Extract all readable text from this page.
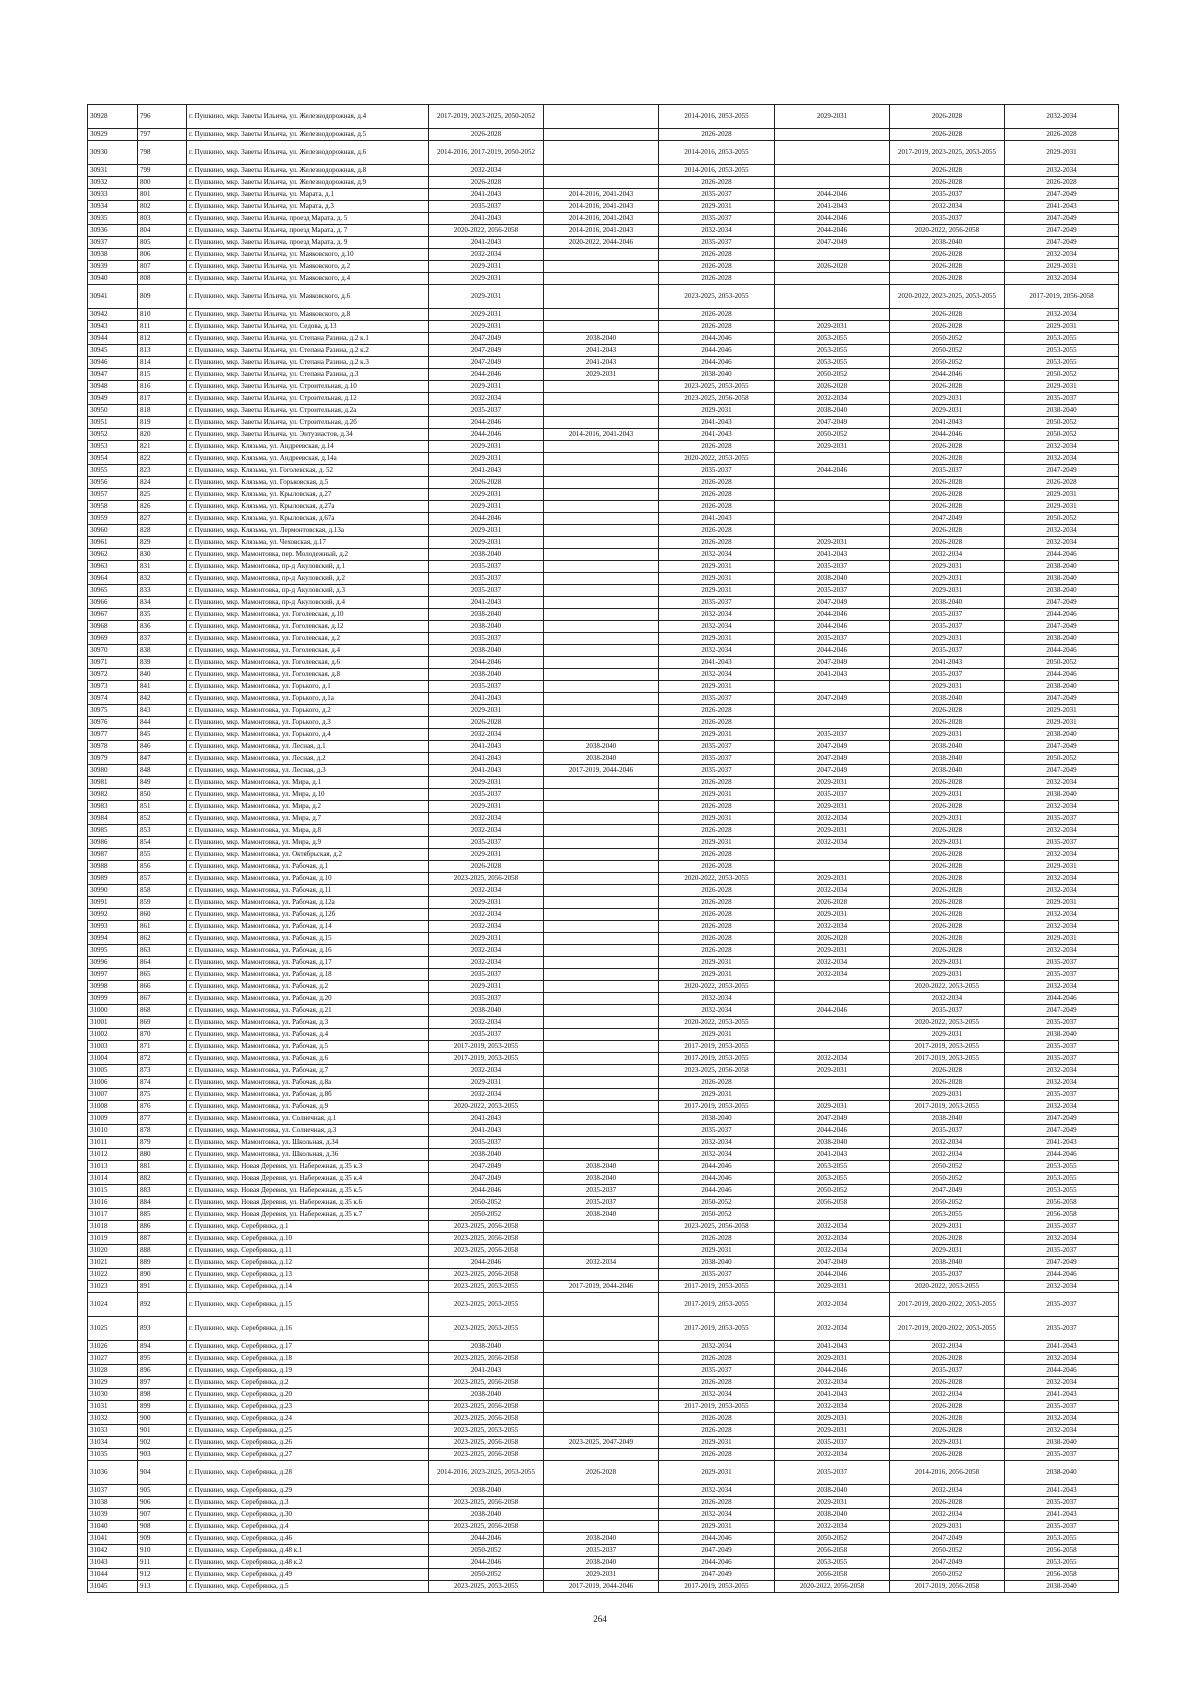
30928	796	г. Пушкино, мкр. Заветы Ильича, ул. Железнодорожная, д.4	2017-2019, 2023-2025, 2050-2052		2014-2016, 2053-2055	2029-2031	2026-2028	2032-2034
30929	797	г. Пушкино, мкр. Заветы Ильича, ул. Железнодорожная, д.5	2026-2028		2026-2028		2026-2028	2026-2028
30930	798	г. Пушкино, мкр. Заветы Ильича, ул. Железнодорожная, д.6	2014-2016, 2017-2019, 2050-2052		2014-2016, 2053-2055		2017-2019, 2023-2025, 2053-2055	2029-2031
30931	799	г. Пушкино, мкр. Заветы Ильича, ул. Железнодорожная, д.8	2032-2034		2014-2016, 2053-2055		2026-2028	2032-2034
30932	800	г. Пушкино, мкр. Заветы Ильича, ул. Железнодорожная, д.9	2026-2028		2026-2028		2026-2028	2026-2028
30933	801	г. Пушкино, мкр. Заветы Ильича, ул. Марата, д.1	2041-2043	2014-2016, 2041-2043	2035-2037	2044-2046	2035-2037	2047-2049
30934	802	г. Пушкино, мкр. Заветы Ильича, ул. Марата, д.3	2035-2037	2014-2016, 2041-2043	2029-2031	2041-2043	2032-2034	2041-2043
30935	803	г. Пушкино, мкр. Заветы Ильича, проезд Марата, д. 5	2041-2043	2014-2016, 2041-2043	2035-2037	2044-2046	2035-2037	2047-2049
30936	804	г. Пушкино, мкр. Заветы Ильича, проезд Марата, д. 7	2020-2022, 2056-2058	2014-2016, 2041-2043	2032-2034	2044-2046	2020-2022, 2056-2058	2047-2049
30937	805	г. Пушкино, мкр. Заветы Ильича, проезд Марата, д. 9	2041-2043	2020-2022, 2044-2046	2035-2037	2047-2049	2038-2040	2047-2049
30938	806	г. Пушкино, мкр. Заветы Ильича, ул. Маяковского, д.10	2032-2034		2026-2028		2026-2028	2032-2034
30939	807	г. Пушкино, мкр. Заветы Ильича, ул. Маяковского, д.2	2029-2031		2026-2028	2026-2028	2026-2028	2029-2031
30940	808	г. Пушкино, мкр. Заветы Ильича, ул. Маяковского, д.4	2029-2031		2026-2028		2026-2028	2032-2034
30941	809	г. Пушкино, мкр. Заветы Ильича, ул. Маяковского, д.6	2029-2031		2023-2025, 2053-2055		2020-2022, 2023-2025, 2053-2055	2017-2019, 2056-2058
30942	810	г. Пушкино, мкр. Заветы Ильича, ул. Маяковского, д.8	2029-2031		2026-2028		2026-2028	2032-2034
30943	811	г. Пушкино, мкр. Заветы Ильича, ул. Седова, д.13	2029-2031		2026-2028	2029-2031	2026-2028	2029-2031
30944	812	г. Пушкино, мкр. Заветы Ильича, ул. Степана Разина, д.2 к.1	2047-2049	2038-2040	2044-2046	2053-2055	2050-2052	2053-2055
30945	813	г. Пушкино, мкр. Заветы Ильича, ул. Степана Разина, д.2 к.2	2047-2049	2041-2043	2044-2046	2053-2055	2050-2052	2053-2055
30946	814	г. Пушкино, мкр. Заветы Ильича, ул. Степана Разина, д.2 к.3	2047-2049	2041-2043	2044-2046	2053-2055	2050-2052	2053-2055
30947	815	г. Пушкино, мкр. Заветы Ильича, ул. Степана Разина, д.3	2044-2046	2029-2031	2038-2040	2050-2052	2044-2046	2050-2052
30948	816	г. Пушкино, мкр. Заветы Ильича, ул. Строительная, д.10	2029-2031		2023-2025, 2053-2055	2026-2028	2026-2028	2029-2031
30949	817	г. Пушкино, мкр. Заветы Ильича, ул. Строительная, д.12	2032-2034		2023-2025, 2056-2058	2032-2034	2029-2031	2035-2037
30950	818	г. Пушкино, мкр. Заветы Ильича, ул. Строительная, д.2а	2035-2037		2029-2031	2038-2040	2029-2031	2038-2040
30951	819	г. Пушкино, мкр. Заветы Ильича, ул. Строительная, д.2б	2044-2046		2041-2043	2047-2049	2041-2043	2050-2052
30952	820	г. Пушкино, мкр. Заветы Ильича, ул. Энтузиастов, д.34	2044-2046	2014-2016, 2041-2043	2041-2043	2050-2052	2044-2046	2050-2052
30953	821	г. Пушкино, мкр. Клязьма, ул. Андреевская, д.14	2029-2031		2026-2028	2029-2031	2026-2028	2032-2034
30954	822	г. Пушкино, мкр. Клязьма, ул. Андреевская, д.14а	2029-2031		2020-2022, 2053-2055		2026-2028	2032-2034
30955	823	г. Пушкино, мкр. Клязьма, ул. Гоголевская, д. 52	2041-2043		2035-2037	2044-2046	2035-2037	2047-2049
30956	824	г. Пушкино, мкр. Клязьма, ул. Горьковская, д.5	2026-2028		2026-2028		2026-2028	2026-2028
30957	825	г. Пушкино, мкр. Клязьма, ул. Крыловская, д.27	2029-2031		2026-2028		2026-2028	2029-2031
30958	826	г. Пушкино, мкр. Клязьма, ул. Крыловская, д.27а	2029-2031		2026-2028		2026-2028	2029-2031
30959	827	г. Пушкино, мкр. Клязьма, ул. Крыловская, д.67а	2044-2046		2041-2043		2047-2049	2050-2052
30960	828	г. Пушкино, мкр. Клязьма, ул. Лермонтовская, д.13а	2029-2031		2026-2028		2026-2028	2032-2034
30961	829	г. Пушкино, мкр. Клязьма, ул. Чеховская, д.17	2029-2031		2026-2028	2029-2031	2026-2028	2032-2034
30962	830	г. Пушкино, мкр. Мамонтовка, пер. Молодежный, д.2	2038-2040		2032-2034	2041-2043	2032-2034	2044-2046
30963	831	г. Пушкино, мкр. Мамонтовка, пр-д Акуловский, д.1	2035-2037		2029-2031	2035-2037	2029-2031	2038-2040
30964	832	г. Пушкино, мкр. Мамонтовка, пр-д Акуловский, д.2	2035-2037		2029-2031	2038-2040	2029-2031	2038-2040
30965	833	г. Пушкино, мкр. Мамонтовка, пр-д Акуловский, д.3	2035-2037		2029-2031	2035-2037	2029-2031	2038-2040
30966	834	г. Пушкино, мкр. Мамонтовка, пр-д Акуловский, д.4	2041-2043		2035-2037	2047-2049	2038-2040	2047-2049
30967	835	г. Пушкино, мкр. Мамонтовка, ул. Гоголевская, д.10	2038-2040		2032-2034	2044-2046	2035-2037	2044-2046
30968	836	г. Пушкино, мкр. Мамонтовка, ул. Гоголевская, д.12	2038-2040		2032-2034	2044-2046	2035-2037	2047-2049
30969	837	г. Пушкино, мкр. Мамонтовка, ул. Гоголевская, д.2	2035-2037		2029-2031	2035-2037	2029-2031	2038-2040
30970	838	г. Пушкино, мкр. Мамонтовка, ул. Гоголевская, д.4	2038-2040		2032-2034	2044-2046	2035-2037	2044-2046
30971	839	г. Пушкино, мкр. Мамонтовка, ул. Гоголевская, д.6	2044-2046		2041-2043	2047-2049	2041-2043	2050-2052
30972	840	г. Пушкино, мкр. Мамонтовка, ул. Гоголевская, д.8	2038-2040		2032-2034	2041-2043	2035-2037	2044-2046
30973	841	г. Пушкино, мкр. Мамонтовка, ул. Горького, д.1	2035-2037		2029-2031		2029-2031	2038-2040
30974	842	г. Пушкино, мкр. Мамонтовка, ул. Горького, д.1а	2041-2043		2035-2037	2047-2049	2038-2040	2047-2049
30975	843	г. Пушкино, мкр. Мамонтовка, ул. Горького, д.2	2029-2031		2026-2028		2026-2028	2029-2031
30976	844	г. Пушкино, мкр. Мамонтовка, ул. Горького, д.3	2026-2028		2026-2028		2026-2028	2029-2031
30977	845	г. Пушкино, мкр. Мамонтовка, ул. Горького, д.4	2032-2034		2029-2031	2035-2037	2029-2031	2038-2040
30978	846	г. Пушкино, мкр. Мамонтовка, ул. Лесная, д.1	2041-2043	2038-2040	2035-2037	2047-2049	2038-2040	2047-2049
30979	847	г. Пушкино, мкр. Мамонтовка, ул. Лесная, д.2	2041-2043	2038-2040	2035-2037	2047-2049	2038-2040	2050-2052
30980	848	г. Пушкино, мкр. Мамонтовка, ул. Лесная, д.3	2041-2043	2017-2019, 2044-2046	2035-2037	2047-2049	2038-2040	2047-2049
30981	849	г. Пушкино, мкр. Мамонтовка, ул. Мира, д.1	2029-2031		2026-2028	2029-2031	2026-2028	2032-2034
30982	850	г. Пушкино, мкр. Мамонтовка, ул. Мира, д.10	2035-2037		2029-2031	2035-2037	2029-2031	2038-2040
30983	851	г. Пушкино, мкр. Мамонтовка, ул. Мира, д.2	2029-2031		2026-2028	2029-2031	2026-2028	2032-2034
30984	852	г. Пушкино, мкр. Мамонтовка, ул. Мира, д.7	2032-2034		2029-2031	2032-2034	2029-2031	2035-2037
30985	853	г. Пушкино, мкр. Мамонтовка, ул. Мира, д.8	2032-2034		2026-2028	2029-2031	2026-2028	2032-2034
30986	854	г. Пушкино, мкр. Мамонтовка, ул. Мира, д.9	2035-2037		2029-2031	2032-2034	2029-2031	2035-2037
30987	855	г. Пушкино, мкр. Мамонтовка, ул. Октябрьская, д.2	2029-2031		2026-2028		2026-2028	2032-2034
30988	856	г. Пушкино, мкр. Мамонтовка, ул. Рабочая, д.1	2026-2028		2026-2028		2026-2028	2029-2031
30989	857	г. Пушкино, мкр. Мамонтовка, ул. Рабочая, д.10	2023-2025, 2056-2058		2020-2022, 2053-2055	2029-2031	2026-2028	2032-2034
30990	858	г. Пушкино, мкр. Мамонтовка, ул. Рабочая, д.11	2032-2034		2026-2028	2032-2034	2026-2028	2032-2034
30991	859	г. Пушкино, мкр. Мамонтовка, ул. Рабочая, д.12а	2029-2031		2026-2028	2026-2028	2026-2028	2029-2031
30992	860	г. Пушкино, мкр. Мамонтовка, ул. Рабочая, д.12б	2032-2034		2026-2028	2029-2031	2026-2028	2032-2034
30993	861	г. Пушкино, мкр. Мамонтовка, ул. Рабочая, д.14	2032-2034		2026-2028	2032-2034	2026-2028	2032-2034
30994	862	г. Пушкино, мкр. Мамонтовка, ул. Рабочая, д.15	2029-2031		2026-2028	2026-2028	2026-2028	2029-2031
30995	863	г. Пушкино, мкр. Мамонтовка, ул. Рабочая, д.16	2032-2034		2026-2028	2029-2031	2026-2028	2032-2034
30996	864	г. Пушкино, мкр. Мамонтовка, ул. Рабочая, д.17	2032-2034		2029-2031	2032-2034	2029-2031	2035-2037
30997	865	г. Пушкино, мкр. Мамонтовка, ул. Рабочая, д.18	2035-2037		2029-2031	2032-2034	2029-2031	2035-2037
30998	866	г. Пушкино, мкр. Мамонтовка, ул. Рабочая, д.2	2029-2031		2020-2022, 2053-2055		2020-2022, 2053-2055	2032-2034
30999	867	г. Пушкино, мкр. Мамонтовка, ул. Рабочая, д.20	2035-2037		2032-2034		2032-2034	2044-2046
31000	868	г. Пушкино, мкр. Мамонтовка, ул. Рабочая, д.21	2038-2040		2032-2034	2044-2046	2035-2037	2047-2049
31001	869	г. Пушкино, мкр. Мамонтовка, ул. Рабочая, д.3	2032-2034		2020-2022, 2053-2055		2020-2022, 2053-2055	2035-2037
31002	870	г. Пушкино, мкр. Мамонтовка, ул. Рабочая, д.4	2035-2037		2029-2031		2029-2031	2038-2040
31003	871	г. Пушкино, мкр. Мамонтовка, ул. Рабочая, д.5	2017-2019, 2053-2055		2017-2019, 2053-2055		2017-2019, 2053-2055	2035-2037
31004	872	г. Пушкино, мкр. Мамонтовка, ул. Рабочая, д.6	2017-2019, 2053-2055		2017-2019, 2053-2055	2032-2034	2017-2019, 2053-2055	2035-2037
31005	873	г. Пушкино, мкр. Мамонтовка, ул. Рабочая, д.7	2032-2034		2023-2025, 2056-2058	2029-2031	2026-2028	2032-2034
31006	874	г. Пушкино, мкр. Мамонтовка, ул. Рабочая, д.8а	2029-2031		2026-2028		2026-2028	2032-2034
31007	875	г. Пушкино, мкр. Мамонтовка, ул. Рабочая, д.8б	2032-2034		2029-2031		2029-2031	2035-2037
31008	876	г. Пушкино, мкр. Мамонтовка, ул. Рабочая, д.9	2020-2022, 2053-2055		2017-2019, 2053-2055	2029-2031	2017-2019, 2053-2055	2032-2034
31009	877	г. Пушкино, мкр. Мамонтовка, ул. Солнечная, д.1	2041-2043		2038-2040	2047-2049	2038-2040	2047-2049
31010	878	г. Пушкино, мкр. Мамонтовка, ул. Солнечная, д.3	2041-2043		2035-2037	2044-2046	2035-2037	2047-2049
31011	879	г. Пушкино, мкр. Мамонтовка, ул. Школьная, д.34	2035-2037		2032-2034	2038-2040	2032-2034	2041-2043
31012	880	г. Пушкино, мкр. Мамонтовка, ул. Школьная, д.36	2038-2040		2032-2034	2041-2043	2032-2034	2044-2046
31013	881	г. Пушкино, мкр. Новая Деревня, ул. Набережная, д.35 к.3	2047-2049	2038-2040	2044-2046	2053-2055	2050-2052	2053-2055
31014	882	г. Пушкино, мкр. Новая Деревня, ул. Набережная, д.35 к.4	2047-2049	2038-2040	2044-2046	2053-2055	2050-2052	2053-2055
31015	883	г. Пушкино, мкр. Новая Деревня, ул. Набережная, д.35 к.5	2044-2046	2035-2037	2044-2046	2050-2052	2047-2049	2053-2055
31016	884	г. Пушкино, мкр. Новая Деревня, ул. Набережная, д.35 к.6	2050-2052	2035-2037	2050-2052	2056-2058	2050-2052	2056-2058
31017	885	г. Пушкино, мкр. Новая Деревня, ул. Набережная, д.35 к.7	2050-2052	2038-2040	2050-2052		2053-2055	2056-2058
31018	886	г. Пушкино, мкр. Серебрянка, д.1	2023-2025, 2056-2058		2023-2025, 2056-2058	2032-2034	2029-2031	2035-2037
31019	887	г. Пушкино, мкр. Серебрянка, д.10	2023-2025, 2056-2058		2026-2028	2032-2034	2026-2028	2032-2034
31020	888	г. Пушкино, мкр. Серебрянка, д.11	2023-2025, 2056-2058		2029-2031	2032-2034	2029-2031	2035-2037
31021	889	г. Пушкино, мкр. Серебрянка, д.12	2044-2046	2032-2034	2038-2040	2047-2049	2038-2040	2047-2049
31022	890	г. Пушкино, мкр. Серебрянка, д.13	2023-2025, 2056-2058		2035-2037	2044-2046	2035-2037	2044-2046
31023	891	г. Пушкино, мкр. Серебрянка, д.14	2023-2025, 2053-2055	2017-2019, 2044-2046	2017-2019, 2053-2055	2029-2031	2020-2022, 2053-2055	2032-2034
31024	892	г. Пушкино, мкр. Серебрянка, д.15	2023-2025, 2053-2055		2017-2019, 2053-2055	2032-2034	2017-2019, 2020-2022, 2053-2055	2035-2037
31025	893	г. Пушкино, мкр. Серебрянка, д.16	2023-2025, 2053-2055		2017-2019, 2053-2055	2032-2034	2017-2019, 2020-2022, 2053-2055	2035-2037
31026	894	г. Пушкино, мкр. Серебрянка, д.17	2038-2040		2032-2034	2041-2043	2032-2034	2041-2043
31027	895	г. Пушкино, мкр. Серебрянка, д.18	2023-2025, 2056-2058		2026-2028	2029-2031	2026-2028	2032-2034
31028	896	г. Пушкино, мкр. Серебрянка, д.19	2041-2043		2035-2037	2044-2046	2035-2037	2044-2046
31029	897	г. Пушкино, мкр. Серебрянка, д.2	2023-2025, 2056-2058		2026-2028	2032-2034	2026-2028	2032-2034
31030	898	г. Пушкино, мкр. Серебрянка, д.20	2038-2040		2032-2034	2041-2043	2032-2034	2041-2043
31031	899	г. Пушкино, мкр. Серебрянка, д.23	2023-2025, 2056-2058		2017-2019, 2053-2055	2032-2034	2026-2028	2035-2037
31032	900	г. Пушкино, мкр. Серебрянка, д.24	2023-2025, 2056-2058		2026-2028	2029-2031	2026-2028	2032-2034
31033	901	г. Пушкино, мкр. Серебрянка, д.25	2023-2025, 2053-2055		2026-2028	2029-2031	2026-2028	2032-2034
31034	902	г. Пушкино, мкр. Серебрянка, д.26	2023-2025, 2056-2058	2023-2025, 2047-2049	2029-2031	2035-2037	2029-2031	2038-2040
31035	903	г. Пушкино, мкр. Серебрянка, д.27	2023-2025, 2056-2058		2026-2028	2032-2034	2026-2028	2035-2037
31036	904	г. Пушкино, мкр. Серебрянка, д.28	2014-2016, 2023-2025, 2053-2055	2026-2028	2029-2031	2035-2037	2014-2016, 2056-2058	2038-2040
31037	905	г. Пушкино, мкр. Серебрянка, д.29	2038-2040		2032-2034	2038-2040	2032-2034	2041-2043
31038	906	г. Пушкино, мкр. Серебрянка, д.3	2023-2025, 2056-2058		2026-2028	2029-2031	2026-2028	2035-2037
31039	907	г. Пушкино, мкр. Серебрянка, д.30	2038-2040		2032-2034	2038-2040	2032-2034	2041-2043
31040	908	г. Пушкино, мкр. Серебрянка, д.4	2023-2025, 2056-2058		2029-2031	2032-2034	2029-2031	2035-2037
31041	909	г. Пушкино, мкр. Серебрянка, д.46	2044-2046	2038-2040	2044-2046	2050-2052	2047-2049	2053-2055
31042	910	г. Пушкино, мкр. Серебрянка, д.48 к.1	2050-2052	2035-2037	2047-2049	2056-2058	2050-2052	2056-2058
31043	911	г. Пушкино, мкр. Серебрянка, д.48 к.2	2044-2046	2038-2040	2044-2046	2053-2055	2047-2049	2053-2055
31044	912	г. Пушкино, мкр. Серебрянка, д.49	2050-2052	2029-2031	2047-2049	2056-2058	2050-2052	2056-2058
31045	913	г. Пушкино, мкр. Серебрянка, д.5	2023-2025, 2053-2055	2017-2019, 2044-2046	2017-2019, 2053-2055	2020-2022, 2056-2058	2017-2019, 2056-2058	2038-2040
264
